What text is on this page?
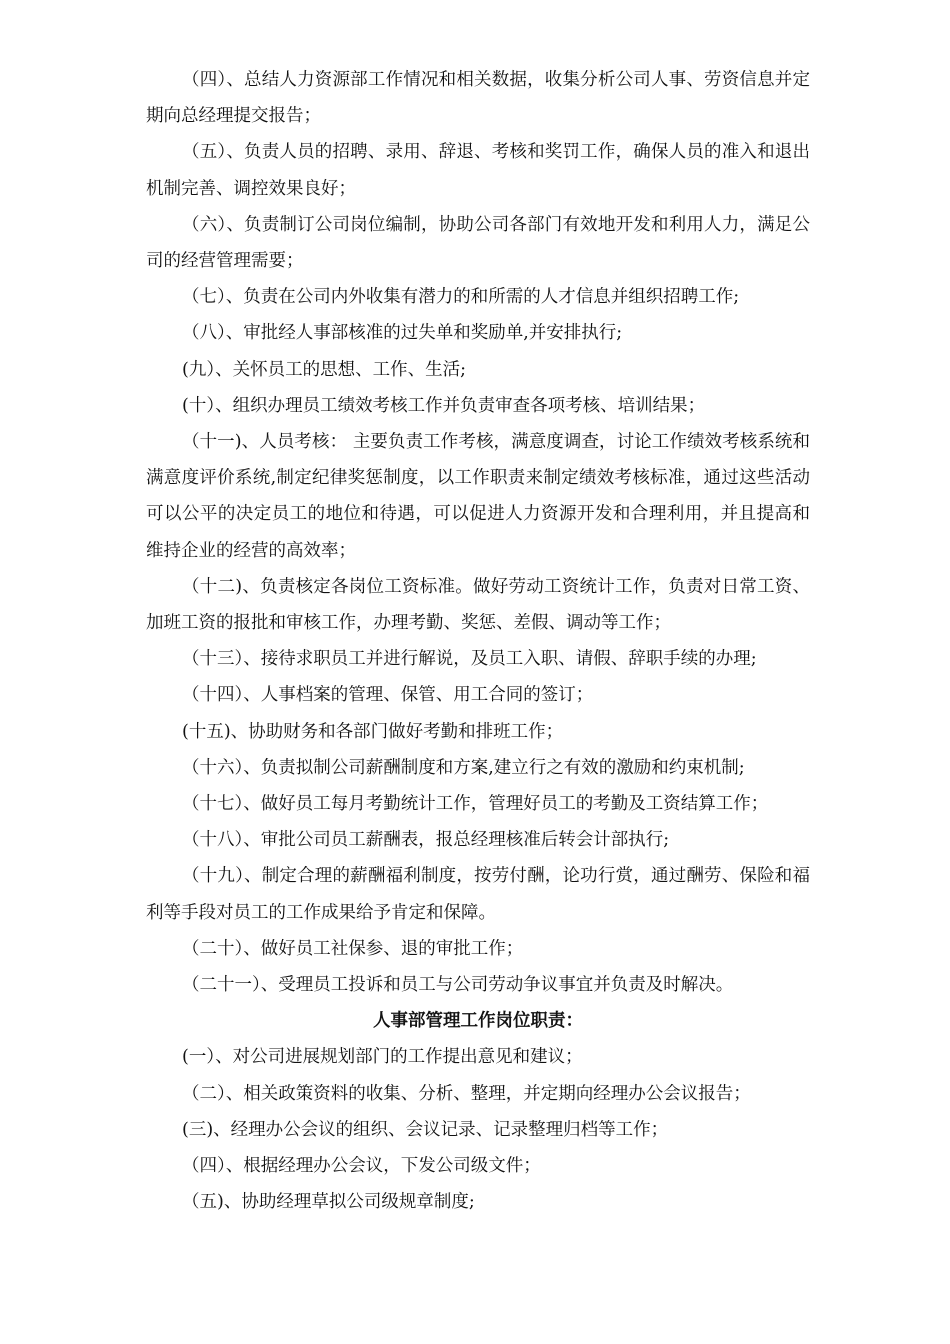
（四）、总结人力资源部工作情况和相关数据，收集分析公司人事、劳资信息并定期向总经理提交报告；

（五）、负责人员的招聘、录用、辞退、考核和奖罚工作，确保人员的准入和退出机制完善、调控效果良好；

（六）、负责制订公司岗位编制，协助公司各部门有效地开发和利用人力，满足公司的经营管理需要；

（七）、负责在公司内外收集有潜力的和所需的人才信息并组织招聘工作;

（八）、审批经人事部核准的过失单和奖励单,并安排执行;

(九）、关怀员工的思想、工作、生活;

(十）、组织办理员工绩效考核工作并负责审查各项考核、培训结果；

（十一)、人员考核： 主要负责工作考核，满意度调查，讨论工作绩效考核系统和满意度评价系统,制定纪律奖惩制度，以工作职责来制定绩效考核标准，通过这些活动可以公平的决定员工的地位和待遇，可以促进人力资源开发和合理利用，并且提高和维持企业的经营的高效率；

（十二)、负责核定各岗位工资标准。做好劳动工资统计工作，负责对日常工资、加班工资的报批和审核工作，办理考勤、奖惩、差假、调动等工作；

（十三）、接待求职员工并进行解说，及员工入职、请假、辞职手续的办理;

（十四）、人事档案的管理、保管、用工合同的签订；

(十五)、协助财务和各部门做好考勤和排班工作；

（十六）、负责拟制公司薪酬制度和方案,建立行之有效的激励和约束机制;

（十七）、做好员工每月考勤统计工作，管理好员工的考勤及工资结算工作；

（十八）、审批公司员工薪酬表，报总经理核准后转会计部执行;

（十九）、制定合理的薪酬福利制度，按劳付酬，论功行赏，通过酬劳、保险和福利等手段对员工的工作成果给予肯定和保障。

（二十）、做好员工社保参、退的审批工作；

（二十一）、受理员工投诉和员工与公司劳动争议事宜并负责及时解决。

人事部管理工作岗位职责：

(一）、对公司进展规划部门的工作提出意见和建议；

（二）、相关政策资料的收集、分析、整理，并定期向经理办公会议报告；

(三)、经理办公会议的组织、会议记录、记录整理归档等工作；

（四）、根据经理办公会议，下发公司级文件；

（五)、协助经理草拟公司级规章制度;
